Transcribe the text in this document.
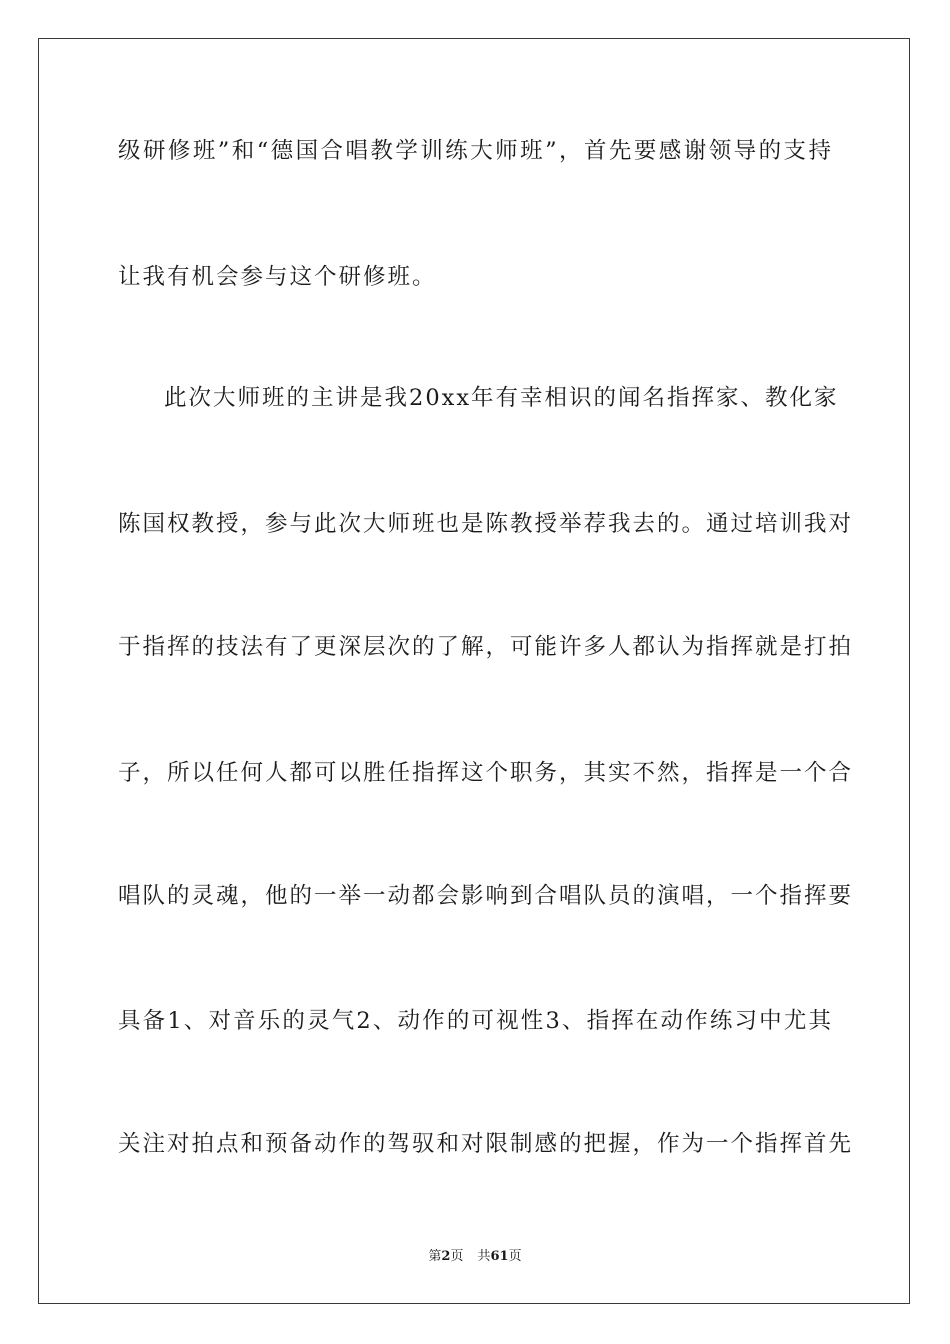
级研修班”和“德国合唱教学训练大师班”，首先要感谢领导的支持
让我有机会参与这个研修班。
此次大师班的主讲是我20xx年有幸相识的闻名指挥家、教化家
陈国权教授，参与此次大师班也是陈教授举荐我去的。通过培训我对
于指挥的技法有了更深层次的了解，可能许多人都认为指挥就是打拍
子，所以任何人都可以胜任指挥这个职务，其实不然，指挥是一个合
唱队的灵魂，他的一举一动都会影响到合唱队员的演唱，一个指挥要
具备1、对音乐的灵气2、动作的可视性3、指挥在动作练习中尤其
关注对拍点和预备动作的驾驭和对限制感的把握，作为一个指挥首先
第2页 共61页
